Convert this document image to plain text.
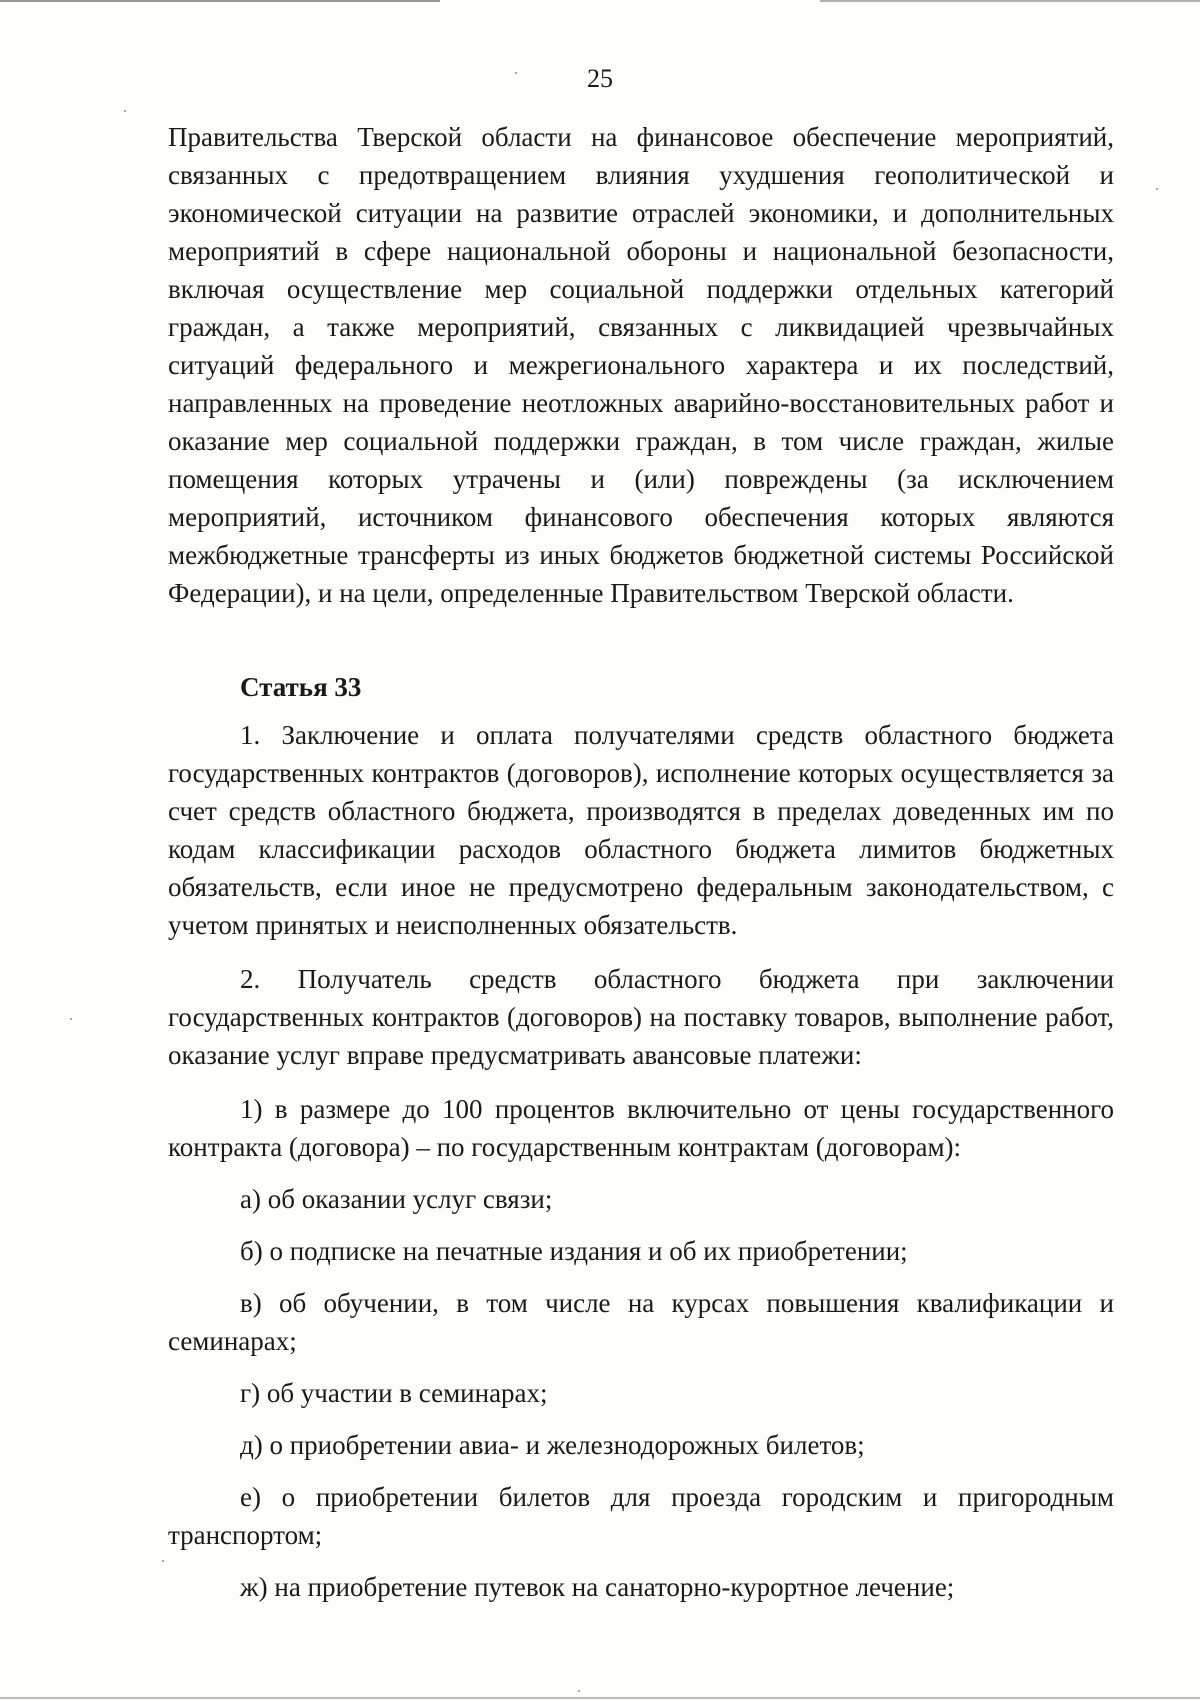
25

Правительства Тверской области на финансовое обеспечение мероприятий, связанных с предотвращением влияния ухудшения геополитической и экономической ситуации на развитие отраслей экономики, и дополнительных мероприятий в сфере национальной обороны и национальной безопасности, включая осуществление мер социальной поддержки отдельных категорий граждан, а также мероприятий, связанных с ликвидацией чрезвычайных ситуаций федерального и межрегионального характера и их последствий, направленных на проведение неотложных аварийно-восстановительных работ и оказание мер социальной поддержки граждан, в том числе граждан, жилые помещения которых утрачены и (или) повреждены (за исключением мероприятий, источником финансового обеспечения которых являются межбюджетные трансферты из иных бюджетов бюджетной системы Российской Федерации), и на цели, определенные Правительством Тверской области.

Статья 33

1. Заключение и оплата получателями средств областного бюджета государственных контрактов (договоров), исполнение которых осуществляется за счет средств областного бюджета, производятся в пределах доведенных им по кодам классификации расходов областного бюджета лимитов бюджетных обязательств, если иное не предусмотрено федеральным законодательством, с учетом принятых и неисполненных обязательств.

2. Получатель средств областного бюджета при заключении государственных контрактов (договоров) на поставку товаров, выполнение работ, оказание услуг вправе предусматривать авансовые платежи:

1) в размере до 100 процентов включительно от цены государственного контракта (договора) – по государственным контрактам (договорам):

а) об оказании услуг связи;

б) о подписке на печатные издания и об их приобретении;

в) об обучении, в том числе на курсах повышения квалификации и семинарах;

г) об участии в семинарах;

д) о приобретении авиа- и железнодорожных билетов;

е) о приобретении билетов для проезда городским и пригородным транспортом;

ж) на приобретение путевок на санаторно-курортное лечение;
